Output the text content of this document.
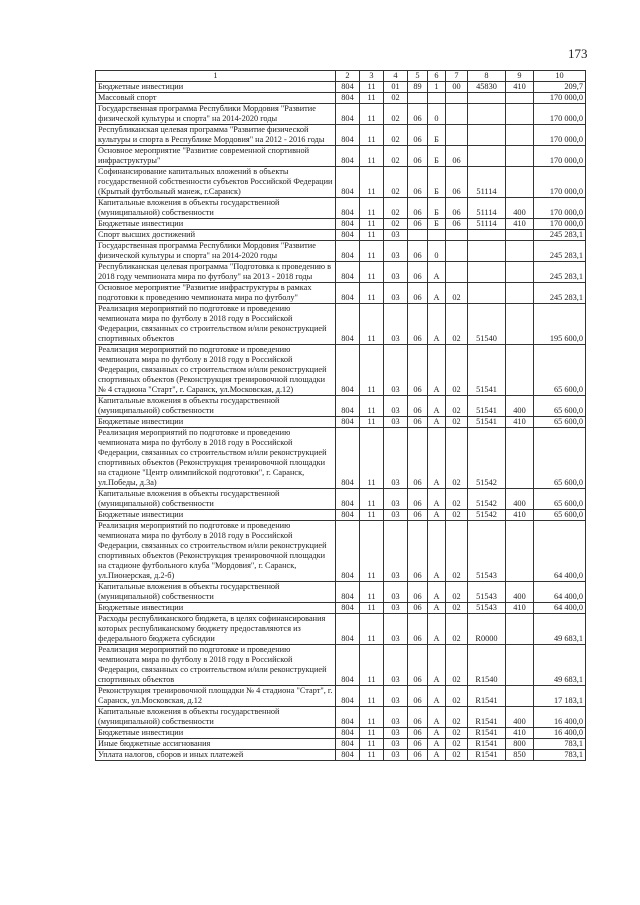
173
1	2	3	4	5	6	7	8	9	10
Бюджетные инвестиции	804	11	01	89	1	00	45830	410	209,7
Массовый спорт	804	11	02						170 000,0
Государственная программа Республики Мордовия "Развитие физической культуры и спорта" на 2014-2020 годы	804	11	02	06	0				170 000,0
Республиканская целевая программа "Развитие физической культуры и спорта в Республике Мордовия" на 2012 - 2016 годы	804	11	02	06	Б				170 000,0
Основное мероприятие "Развитие современной спортивной инфраструктуры"	804	11	02	06	Б	06			170 000,0
Софинансирование капитальных вложений в объекты государственной собственности субъектов Российской Федерации (Крытый футбольный манеж, г.Саранск)	804	11	02	06	Б	06	51114		170 000,0
Капитальные вложения в объекты государственной (муниципальной) собственности	804	11	02	06	Б	06	51114	400	170 000,0
Бюджетные инвестиции	804	11	02	06	Б	06	51114	410	170 000,0
Спорт высших достижений	804	11	03						245 283,1
Государственная программа Республики Мордовия "Развитие физической культуры и спорта" на 2014-2020 годы	804	11	03	06	0				245 283,1
Республиканская целевая программа "Подготовка к проведению в 2018 году чемпионата мира по футболу" на 2013 - 2018 годы	804	11	03	06	А				245 283,1
Основное мероприятие "Развитие инфраструктуры в рамках подготовки к проведению чемпионата мира по футболу"	804	11	03	06	А	02			245 283,1
Реализация мероприятий по подготовке и проведению чемпионата мира по футболу в 2018 году в Российской Федерации, связанных со строительством и/или реконструкцией спортивных объектов	804	11	03	06	А	02	51540		195 600,0
Реализация мероприятий по подготовке и проведению чемпионата мира по футболу в 2018 году в Российской Федерации, связанных со строительством и/или реконструкцией спортивных объектов (Реконструкция тренировочной площадки № 4 стадиона "Старт", г. Саранск, ул.Московская, д.12)	804	11	03	06	А	02	51541		65 600,0
Капитальные вложения в объекты государственной (муниципальной) собственности	804	11	03	06	А	02	51541	400	65 600,0
Бюджетные инвестиции	804	11	03	06	А	02	51541	410	65 600,0
Реализация мероприятий по подготовке и проведению чемпионата мира по футболу в 2018 году в Российской Федерации, связанных со строительством и/или реконструкцией спортивных объектов (Реконструкция тренировочной площадки на стадионе "Центр олимпийской подготовки", г. Саранск, ул.Победы, д.3а)	804	11	03	06	А	02	51542		65 600,0
Капитальные вложения в объекты государственной (муниципальной) собственности	804	11	03	06	А	02	51542	400	65 600,0
Бюджетные инвестиции	804	11	03	06	А	02	51542	410	65 600,0
Реализация мероприятий по подготовке и проведению чемпионата мира по футболу в 2018 году в Российской Федерации, связанных со строительством и/или реконструкцией спортивных объектов (Реконструкция тренировочной площадки на стадионе футбольного клуба "Мордовия", г. Саранск, ул.Пионерская, д.2-б)	804	11	03	06	А	02	51543		64 400,0
Капитальные вложения в объекты государственной (муниципальной) собственности	804	11	03	06	А	02	51543	400	64 400,0
Бюджетные инвестиции	804	11	03	06	А	02	51543	410	64 400,0
Расходы республиканского бюджета, в целях софинансирования которых республиканскому бюджету предоставляются из федерального бюджета субсидии	804	11	03	06	А	02	R0000		49 683,1
Реализация мероприятий по подготовке и проведению чемпионата мира по футболу в 2018 году в Российской Федерации, связанных со строительством и/или реконструкцией спортивных объектов	804	11	03	06	А	02	R1540		49 683,1
Реконструкция тренировочной площадки № 4 стадиона "Старт", г. Саранск, ул.Московская, д.12	804	11	03	06	А	02	R1541		17 183,1
Капитальные вложения в объекты государственной (муниципальной) собственности	804	11	03	06	А	02	R1541	400	16 400,0
Бюджетные инвестиции	804	11	03	06	А	02	R1541	410	16 400,0
Иные бюджетные ассигнования	804	11	03	06	А	02	R1541	800	783,1
Уплата налогов, сборов и иных платежей	804	11	03	06	А	02	R1541	850	783,1
